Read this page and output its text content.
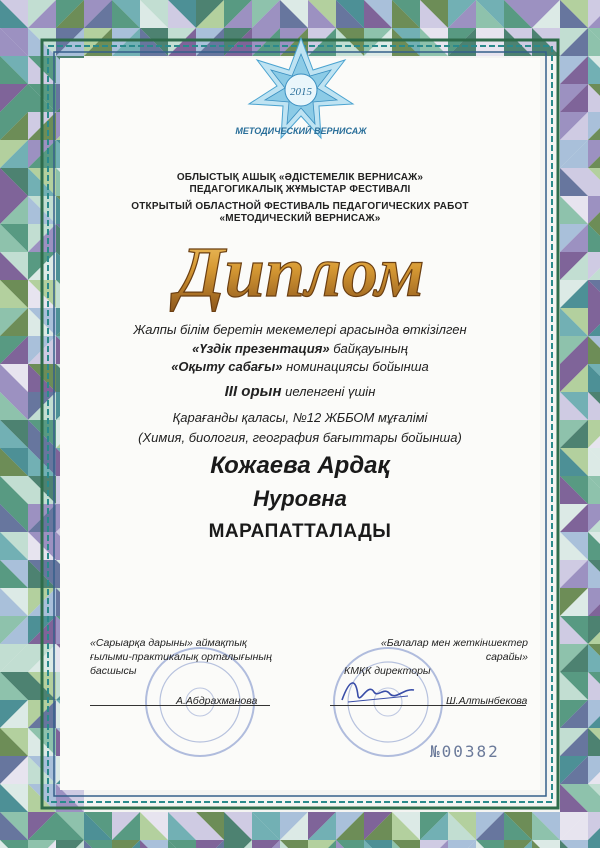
МЕТОДИЧЕСКИЙ ВЕРНИСАЖ
2015
ОБЛЫСТЫҚ АШЫҚ «ӘДІСТЕМЕЛІК ВЕРНИСАЖ»
ПЕДАГОГИКАЛЫҚ ЖҰМЫСТАР ФЕСТИВАЛІ
ОТКРЫТЫЙ ОБЛАСТНОЙ ФЕСТИВАЛЬ ПЕДАГОГИЧЕСКИХ РАБОТ
«МЕТОДИЧЕСКИЙ ВЕРНИСАЖ»
Диплом
Жалпы білім беретін мекемелері арасында өткізілген
«Үздік презентация» байқауының
«Оқыту сабағы» номинациясы бойынша
III орын иеленгені үшін
Қарағанды қаласы, №12 ЖББОМ мұғалімі
(Химия, биология, география бағыттары бойынша)
Кожаева Ардақ
Нуровна
МАРАПАТТАЛАДЫ
«Сарыарқа дарыны» аймақтық
ғылыми-практикалық орталығының
басшысы
А.Абдрахманова
«Балалар мен жеткіншектер сарайы»
КМҚК директоры
Ш.Алтынбекова
№00382
